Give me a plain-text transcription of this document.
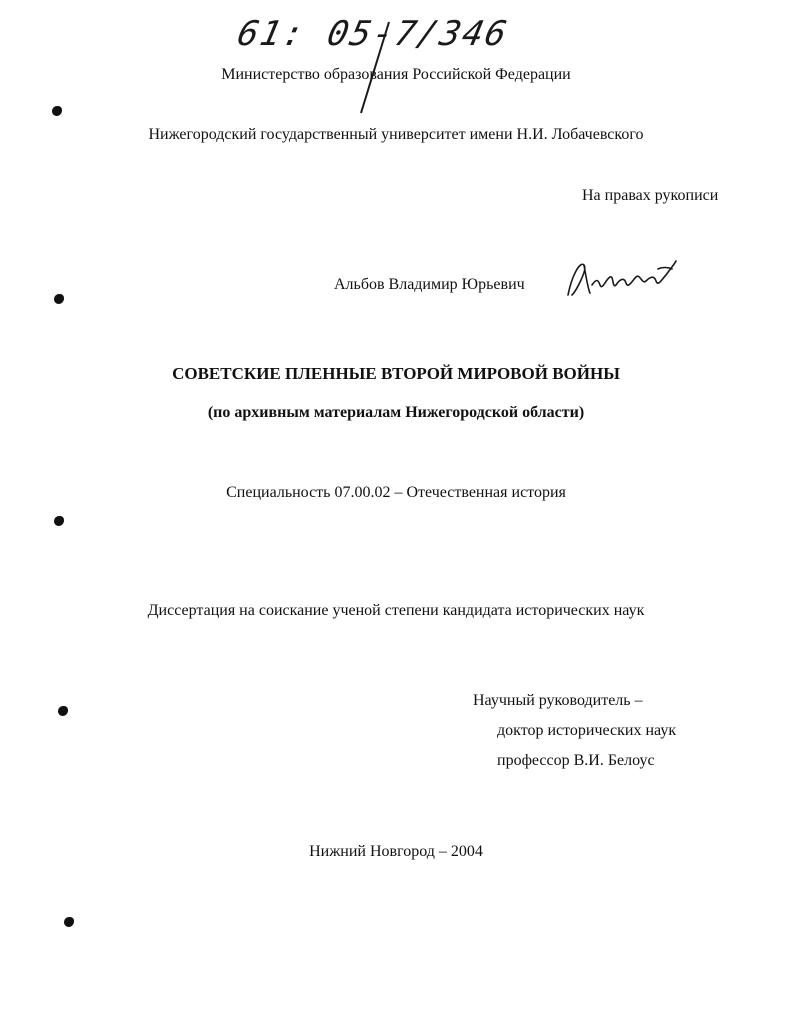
61: 05-7/346
Министерство образования Российской Федерации
Нижегородский государственный университет имени Н.И. Лобачевского
На правах рукописи
Альбов Владимир Юрьевич
СОВЕТСКИЕ ПЛЕННЫЕ ВТОРОЙ МИРОВОЙ ВОЙНЫ
(по архивным материалам Нижегородской области)
Специальность 07.00.02 – Отечественная история
Диссертация на соискание ученой степени кандидата исторических наук
Научный руководитель –
доктор исторических наук
профессор В.И. Белоус
Нижний Новгород – 2004
